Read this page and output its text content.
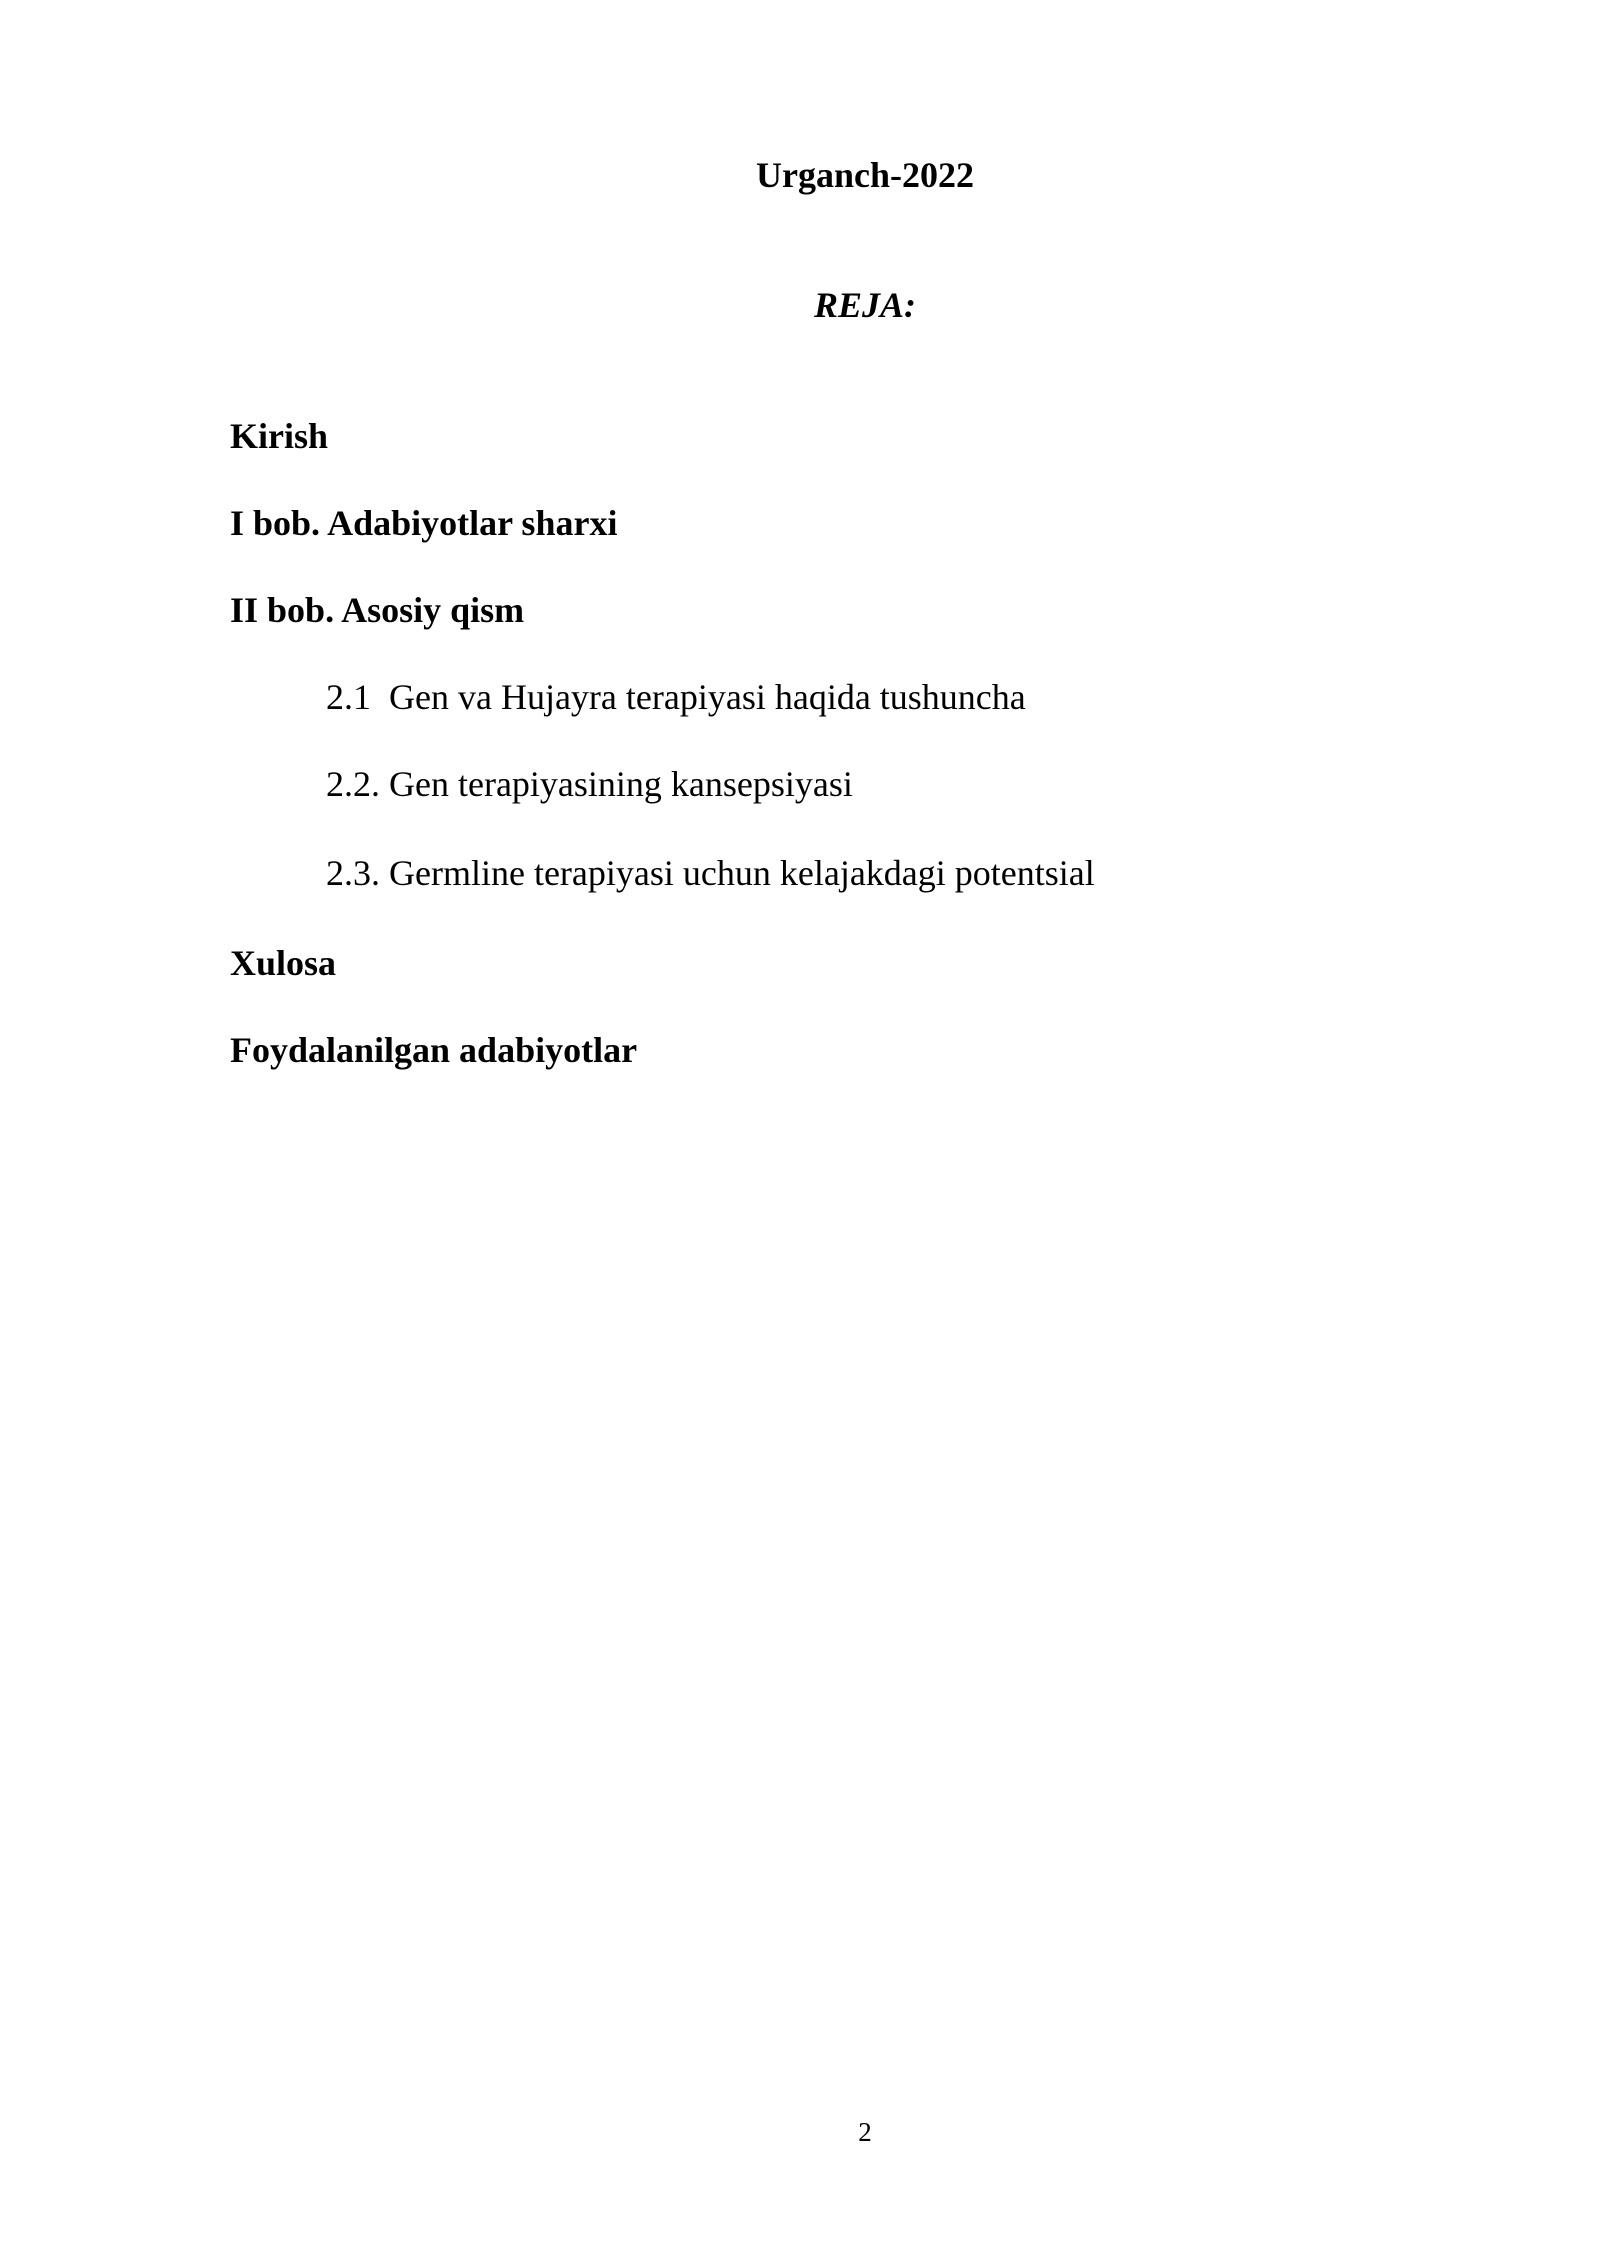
Urganch-2022
REJA:
Kirish
I bob. Adabiyotlar sharxi
II bob. Asosiy qism
2.1  Gen va Hujayra terapiyasi haqida tushuncha
2.2. Gen terapiyasining kansepsiyasi
2.3. Germline terapiyasi uchun kelajakdagi potentsial
Xulosa
Foydalanilgan adabiyotlar
2
